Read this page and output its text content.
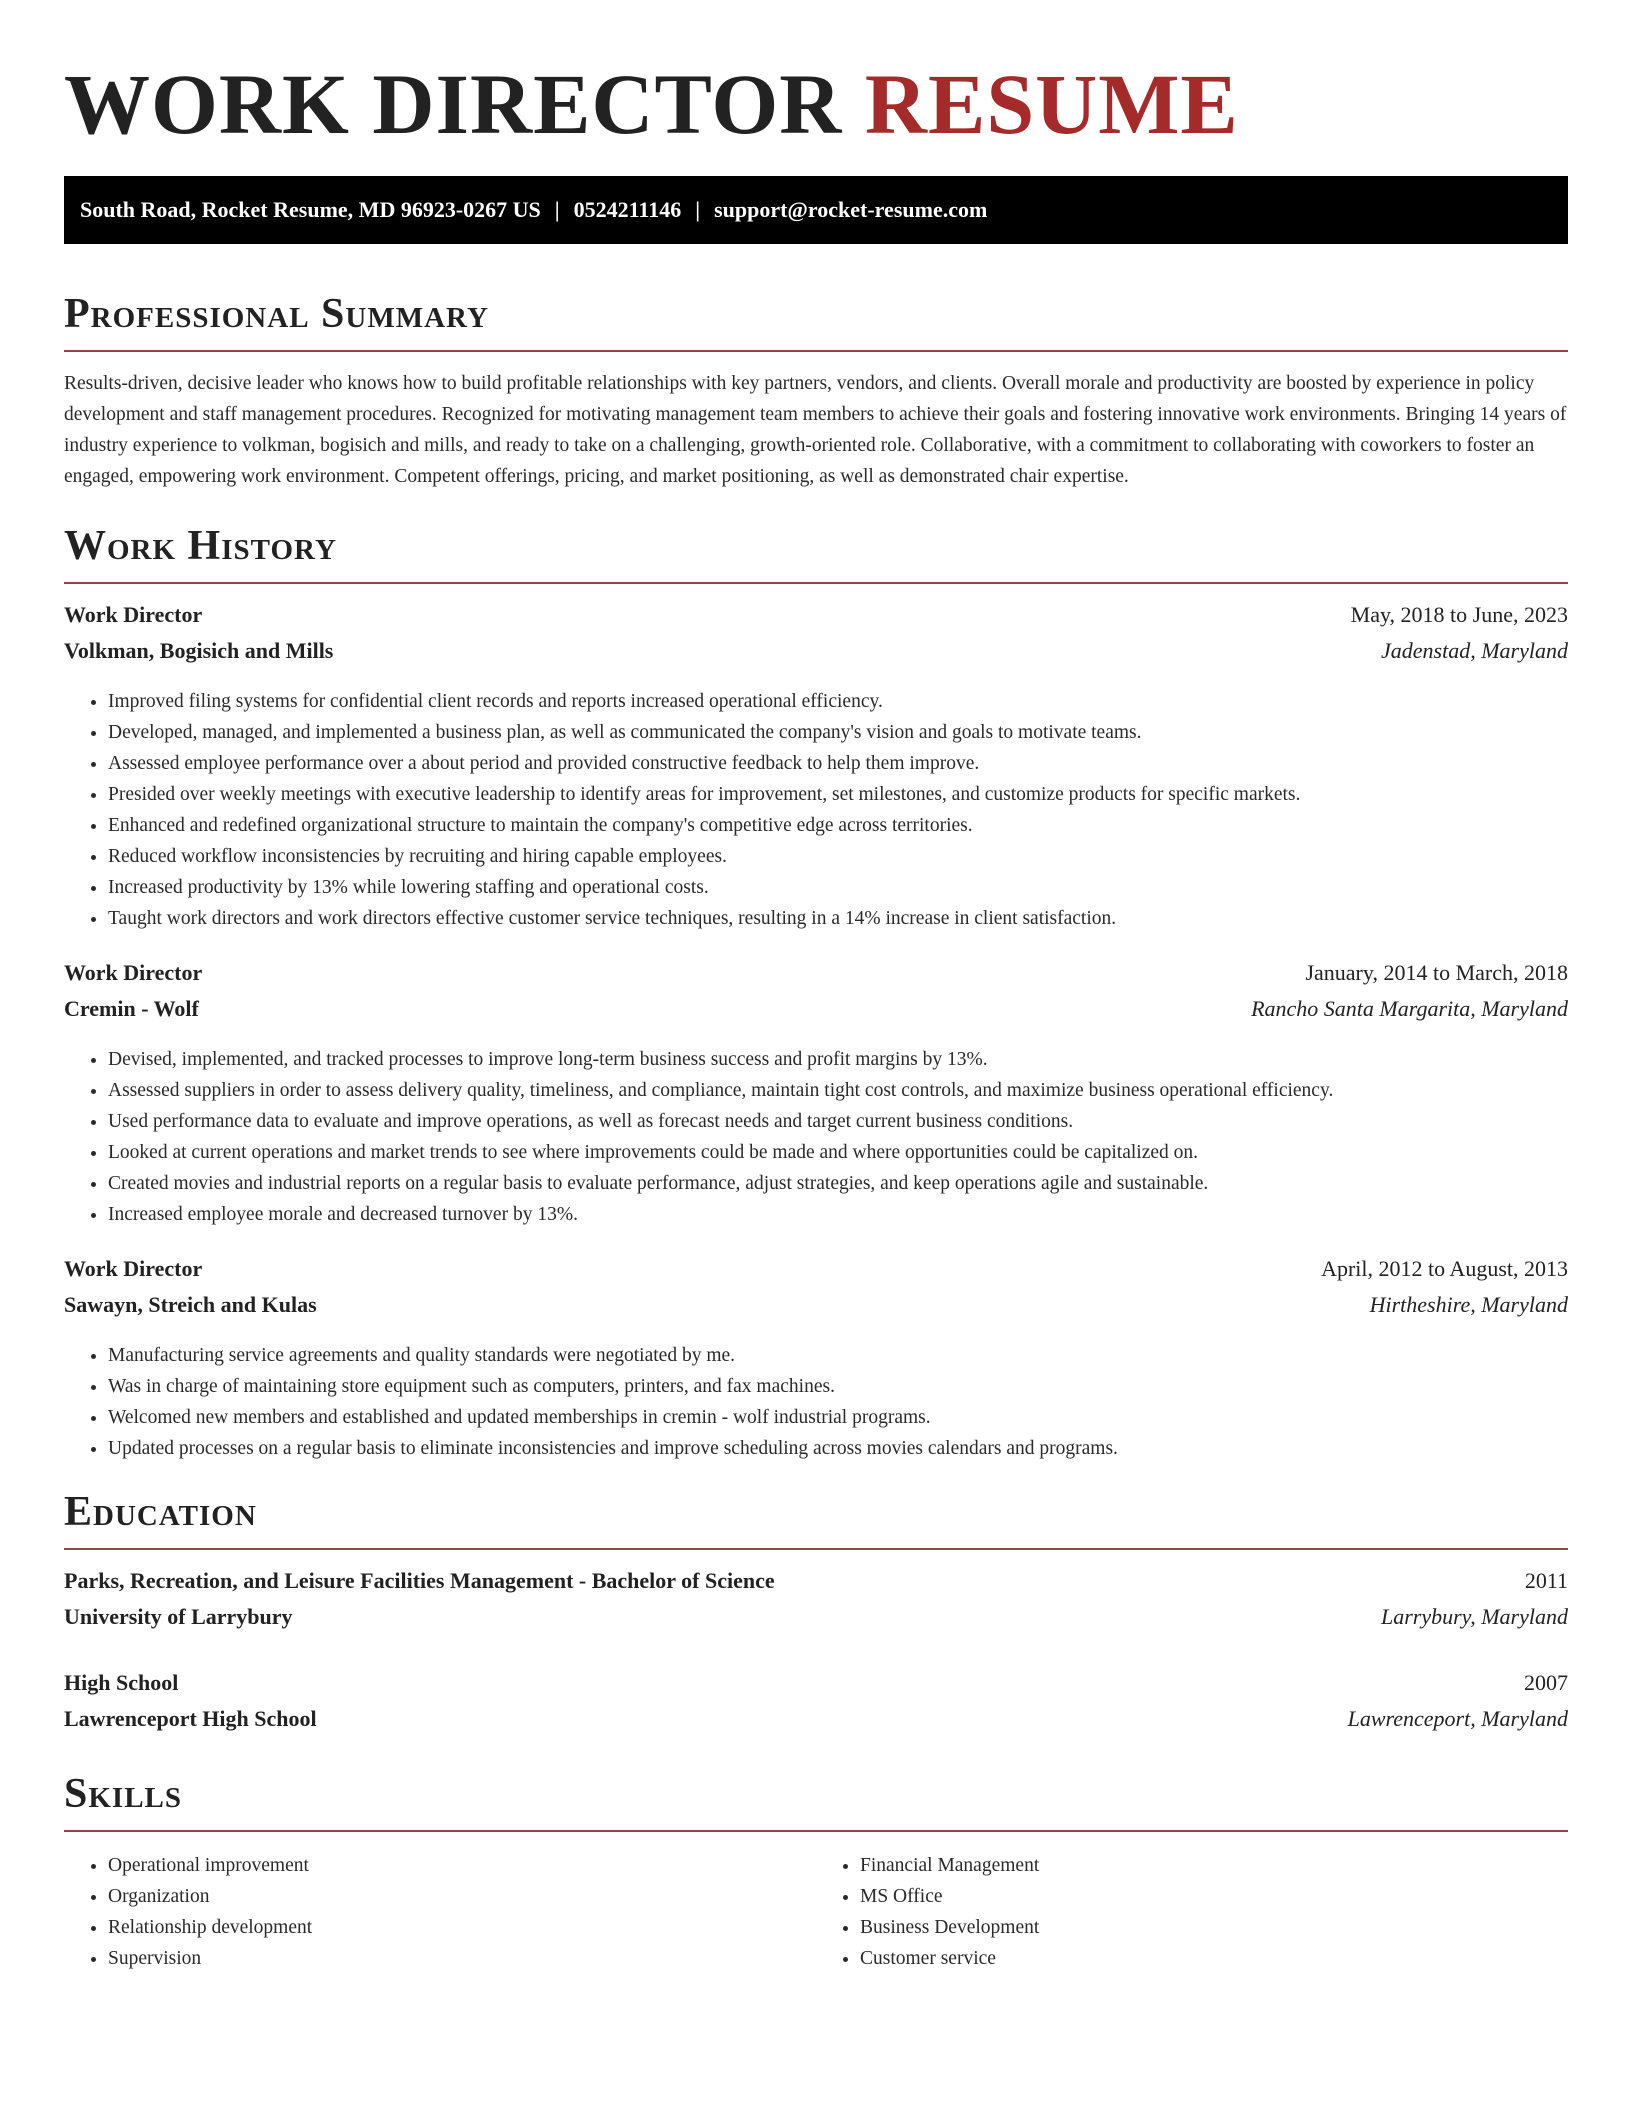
WORK DIRECTOR RESUME
South Road, Rocket Resume, MD 96923-0267 US | 0524211146 | support@rocket-resume.com
Professional Summary

Results-driven, decisive leader who knows how to build profitable relationships with key partners, vendors, and clients. Overall morale and productivity are boosted by experience in policy development and staff management procedures. Recognized for motivating management team members to achieve their goals and fostering innovative work environments. Bringing 14 years of industry experience to volkman, bogisich and mills, and ready to take on a challenging, growth-oriented role. Collaborative, with a commitment to collaborating with coworkers to foster an engaged, empowering work environment. Competent offerings, pricing, and market positioning, as well as demonstrated chair expertise.

Work History
Work Director	May, 2018 to June, 2023
Volkman, Bogisich and Mills	Jadenstad, Maryland
• Improved filing systems for confidential client records and reports increased operational efficiency.
• Developed, managed, and implemented a business plan, as well as communicated the company's vision and goals to motivate teams.
• Assessed employee performance over a about period and provided constructive feedback to help them improve.
• Presided over weekly meetings with executive leadership to identify areas for improvement, set milestones, and customize products for specific markets.
• Enhanced and redefined organizational structure to maintain the company's competitive edge across territories.
• Reduced workflow inconsistencies by recruiting and hiring capable employees.
• Increased productivity by 13% while lowering staffing and operational costs.
• Taught work directors and work directors effective customer service techniques, resulting in a 14% increase in client satisfaction.
Work Director	January, 2014 to March, 2018
Cremin - Wolf	Rancho Santa Margarita, Maryland
• Devised, implemented, and tracked processes to improve long-term business success and profit margins by 13%.
• Assessed suppliers in order to assess delivery quality, timeliness, and compliance, maintain tight cost controls, and maximize business operational efficiency.
• Used performance data to evaluate and improve operations, as well as forecast needs and target current business conditions.
• Looked at current operations and market trends to see where improvements could be made and where opportunities could be capitalized on.
• Created movies and industrial reports on a regular basis to evaluate performance, adjust strategies, and keep operations agile and sustainable.
• Increased employee morale and decreased turnover by 13%.
Work Director	April, 2012 to August, 2013
Sawayn, Streich and Kulas	Hirtheshire, Maryland
• Manufacturing service agreements and quality standards were negotiated by me.
• Was in charge of maintaining store equipment such as computers, printers, and fax machines.
• Welcomed new members and established and updated memberships in cremin - wolf industrial programs.
• Updated processes on a regular basis to eliminate inconsistencies and improve scheduling across movies calendars and programs.
Education
Parks, Recreation, and Leisure Facilities Management - Bachelor of Science	2011
University of Larrybury	Larrybury, Maryland
High School	2007
Lawrenceport High School	Lawrenceport, Maryland
Skills
• Operational improvement
• Organization
• Relationship development
• Supervision
• Financial Management
• MS Office
• Business Development
• Customer service
